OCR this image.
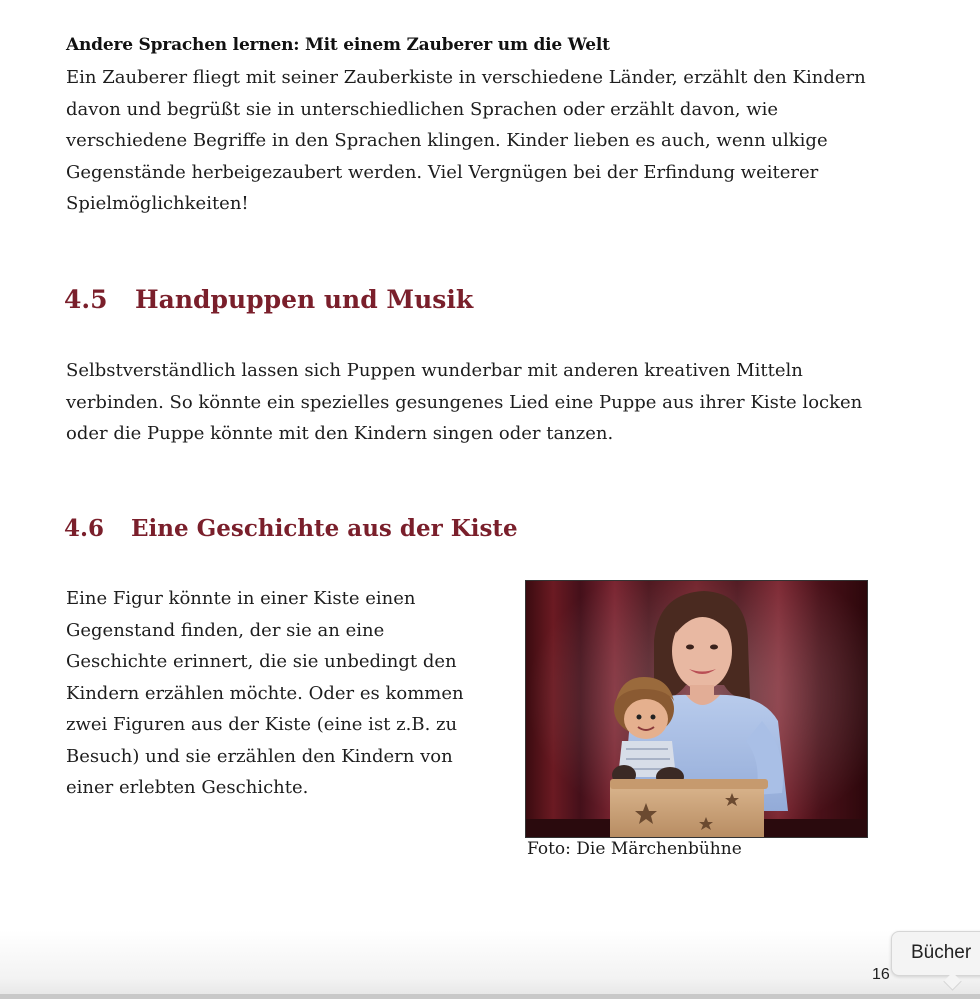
Andere Sprachen lernen: Mit einem Zauberer um die Welt
Ein Zauberer fliegt mit seiner Zauberkiste in verschiedene Länder, erzählt den Kindern davon und begrüßt sie in unterschiedlichen Sprachen oder erzählt davon, wie verschiedene Begriffe in den Sprachen klingen. Kinder lieben es auch, wenn ulkige Gegenstände herbeigezaubert werden. Viel Vergnügen bei der Erfindung weiterer Spielmöglichkeiten!
4.5	Handpuppen und Musik
Selbstverständlich lassen sich Puppen wunderbar mit anderen kreativen Mitteln verbinden. So könnte ein spezielles gesungenes Lied eine Puppe aus ihrer Kiste locken oder die Puppe könnte mit den Kindern singen oder tanzen.
4.6	Eine Geschichte aus der Kiste
Eine Figur könnte in einer Kiste einen Gegenstand finden, der sie an eine Geschichte erinnert, die sie unbedingt den Kindern erzählen möchte. Oder es kommen zwei Figuren aus der Kiste (eine ist z.B. zu Besuch) und sie erzählen den Kindern von einer erlebten Geschichte.
Foto: Die Märchenbühne
16
Bücher
